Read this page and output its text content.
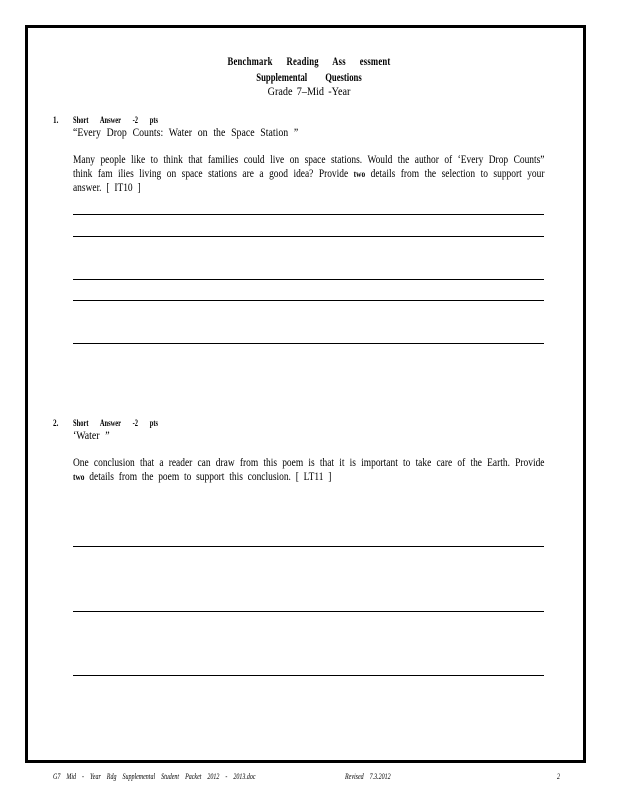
Benchmark Reading Ass essment
Supplemental Questions
Grade 7–Mid -Year
1. Short Answer -2 pts
“Every Drop Counts: Water on the Space Station ”

Many people like to think that families could live on space stations. Would the author of ‘Every Drop Counts” think fam ilies living on space stations are a good idea? Provide two details from the selection to support your answer. [ IT10 ]

2. Short Answer -2 pts
‘Water ”

One conclusion that a reader can draw from this poem is that it is important to take care of the Earth. Provide two details from the poem to support this conclusion. [ LT11 ]

G7 Mid - Year Rdg Supplemental Student Packet 2012 - 2013.doc	Revised 7.3.2012	2
